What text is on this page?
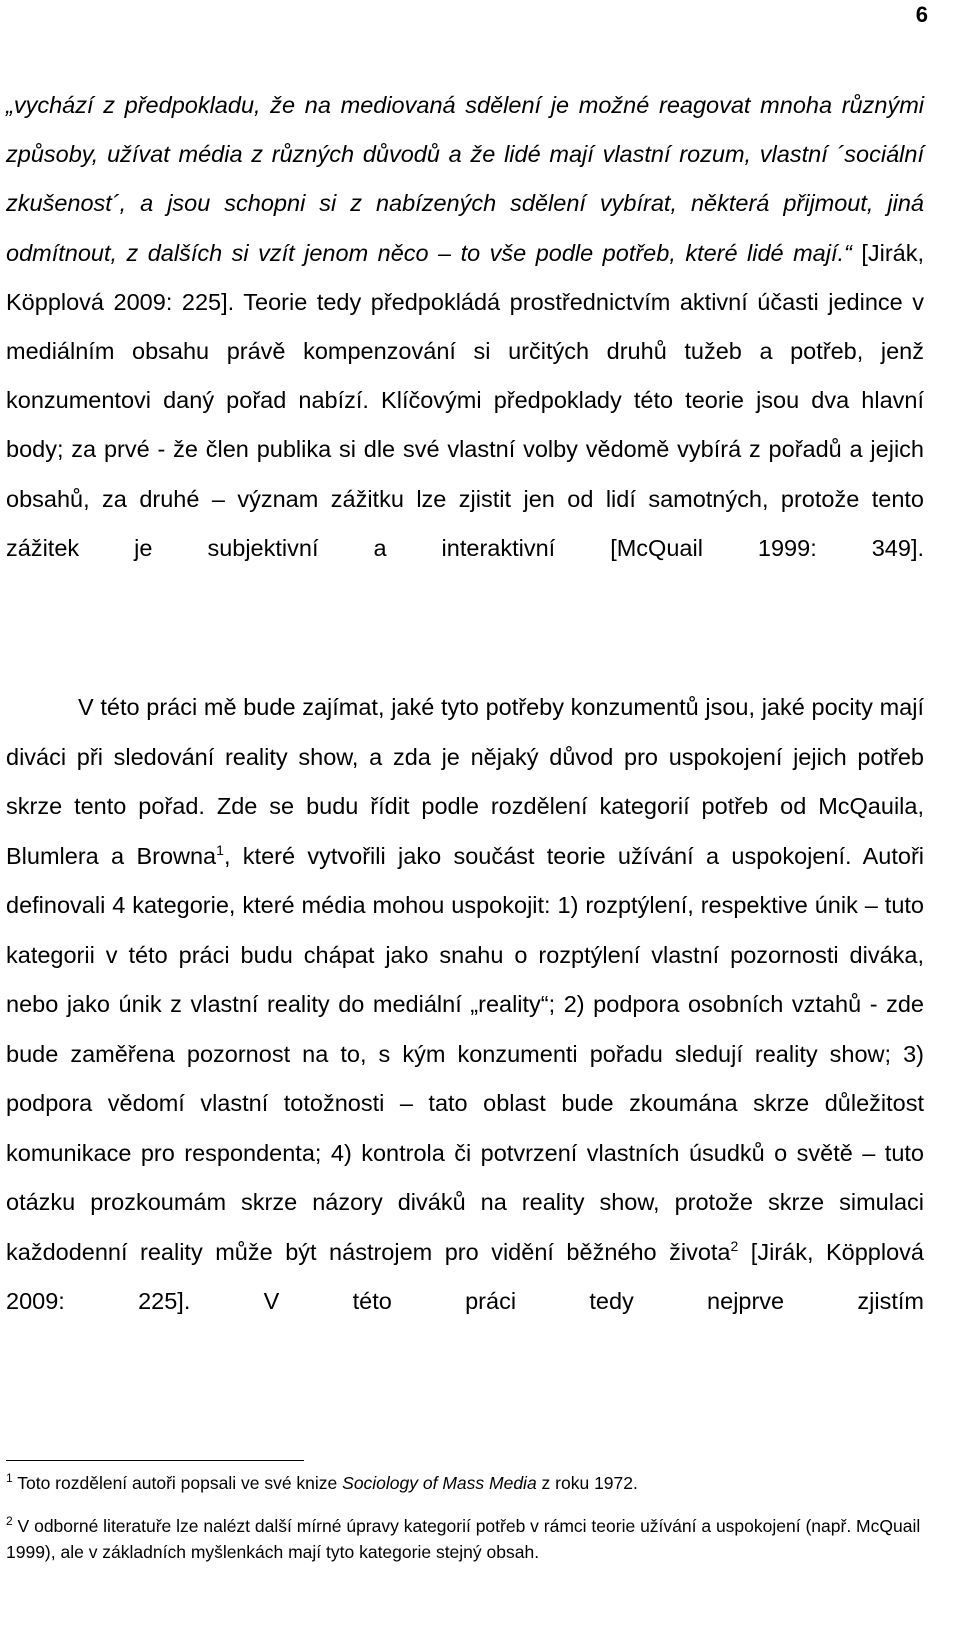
6
„vychází z předpokladu, že na mediovaná sdělení je možné reagovat mnoha různými způsoby, užívat média z různých důvodů a že lidé mají vlastní rozum, vlastní ´sociální zkušenost´, a jsou schopni si z nabízených sdělení vybírat, některá přijmout, jiná odmítnout, z dalších si vzít jenom něco – to vše podle potřeb, které lidé mají.“ [Jirák, Köpplová 2009: 225]. Teorie tedy předpokládá prostřednictvím aktivní účasti jedince v mediálním obsahu právě kompenzování si určitých druhů tužeb a potřeb, jenž konzumentovi daný pořad nabízí. Klíčovými předpoklady této teorie jsou dva hlavní body; za prvé - že člen publika si dle své vlastní volby vědomě vybírá z pořadů a jejich obsahů, za druhé – význam zážitku lze zjistit jen od lidí samotných, protože tento zážitek je subjektivní a interaktivní [McQuail 1999: 349].
V této práci mě bude zajímat, jaké tyto potřeby konzumentů jsou, jaké pocity mají diváci při sledování reality show, a zda je nějaký důvod pro uspokojení jejich potřeb skrze tento pořad. Zde se budu řídit podle rozdělení kategorií potřeb od McQauila, Blumlera a Browna$^1$, které vytvořili jako součást teorie užívání a uspokojení. Autoři definovali 4 kategorie, které média mohou uspokojit: 1) rozptýlení, respektive únik – tuto kategorii v této práci budu chápat jako snahu o rozptýlení vlastní pozornosti diváka, nebo jako únik z vlastní reality do mediální „reality“; 2) podpora osobních vztahů - zde bude zaměřena pozornost na to, s kým konzumenti pořadu sledují reality show; 3) podpora vědomí vlastní totožnosti – tato oblast bude zkoumána skrze důležitost komunikace pro respondenta; 4) kontrola či potvrzení vlastních úsudků o světě – tuto otázku prozkoumám skrze názory diváků na reality show, protože skrze simulaci každodenní reality může být nástrojem pro vidění běžného života$^2$ [Jirák, Köpplová 2009: 225]. V této práci tedy nejprve zjistím
$^1$ Toto rozdělení autoři popsali ve své knize Sociology of Mass Media z roku 1972.
$^2$ V odborné literatuře lze nalézt další mírné úpravy kategorií potřeb v rámci teorie užívání a uspokojení (např. McQuail 1999), ale v základních myšlenkách mají tyto kategorie stejný obsah.
